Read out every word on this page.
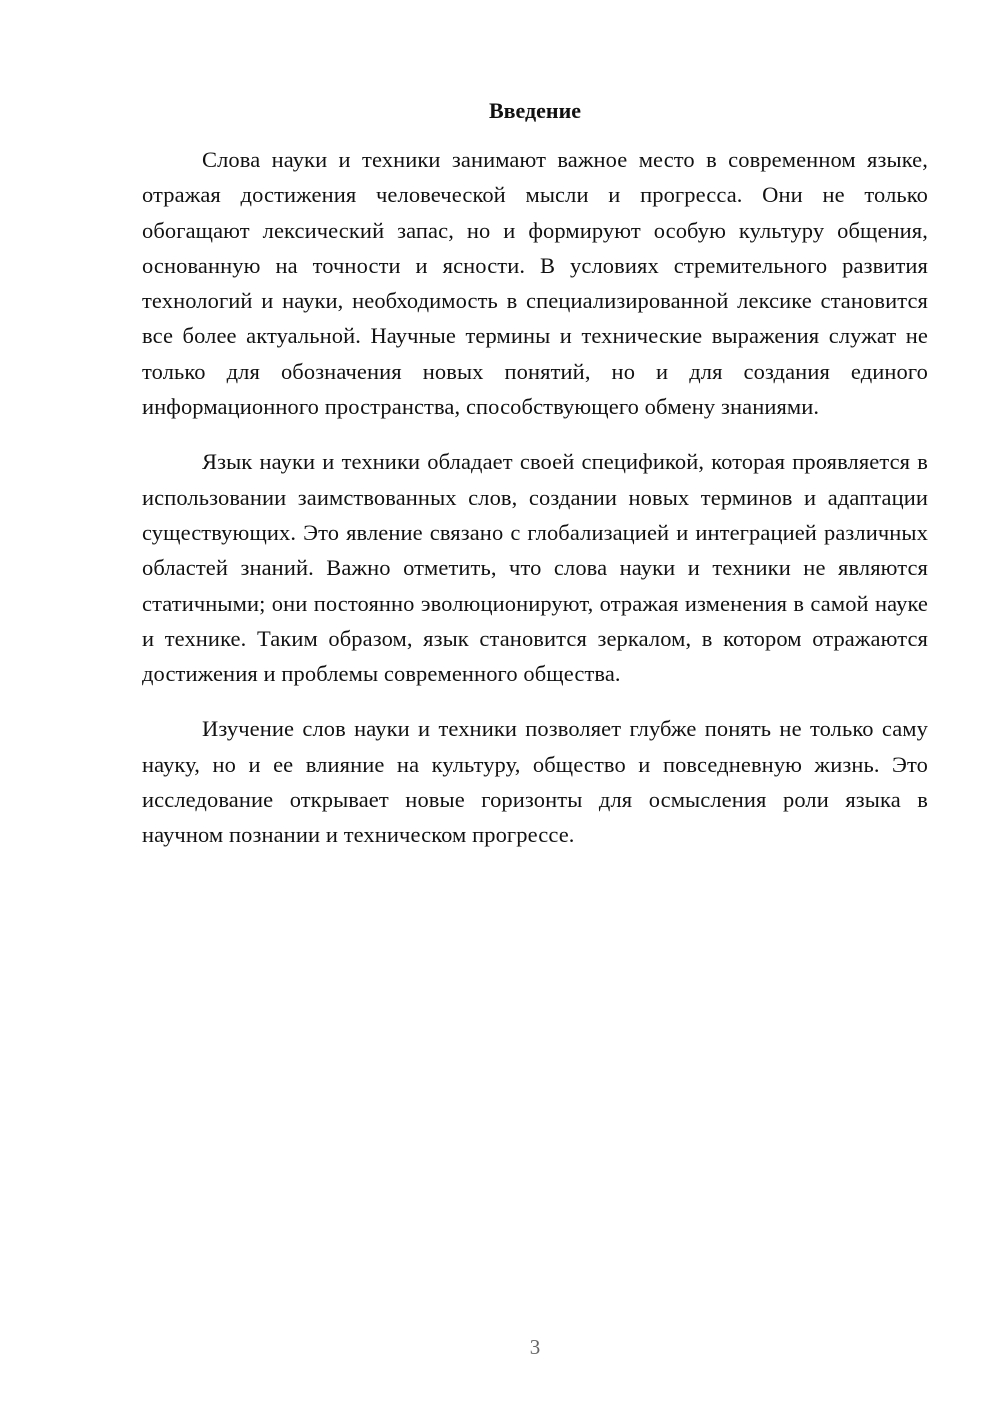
Введение

Слова науки и техники занимают важное место в современном языке, отражая достижения человеческой мысли и прогресса. Они не только обогащают лексический запас, но и формируют особую культуру общения, основанную на точности и ясности. В условиях стремительного развития технологий и науки, необходимость в специализированной лексике становится все более актуальной. Научные термины и технические выражения служат не только для обозначения новых понятий, но и для создания единого информационного пространства, способствующего обмену знаниями.

Язык науки и техники обладает своей спецификой, которая проявляется в использовании заимствованных слов, создании новых терминов и адаптации существующих. Это явление связано с глобализацией и интеграцией различных областей знаний. Важно отметить, что слова науки и техники не являются статичными; они постоянно эволюционируют, отражая изменения в самой науке и технике. Таким образом, язык становится зеркалом, в котором отражаются достижения и проблемы современного общества.

Изучение слов науки и техники позволяет глубже понять не только саму науку, но и ее влияние на культуру, общество и повседневную жизнь. Это исследование открывает новые горизонты для осмысления роли языка в научном познании и техническом прогрессе.

3
